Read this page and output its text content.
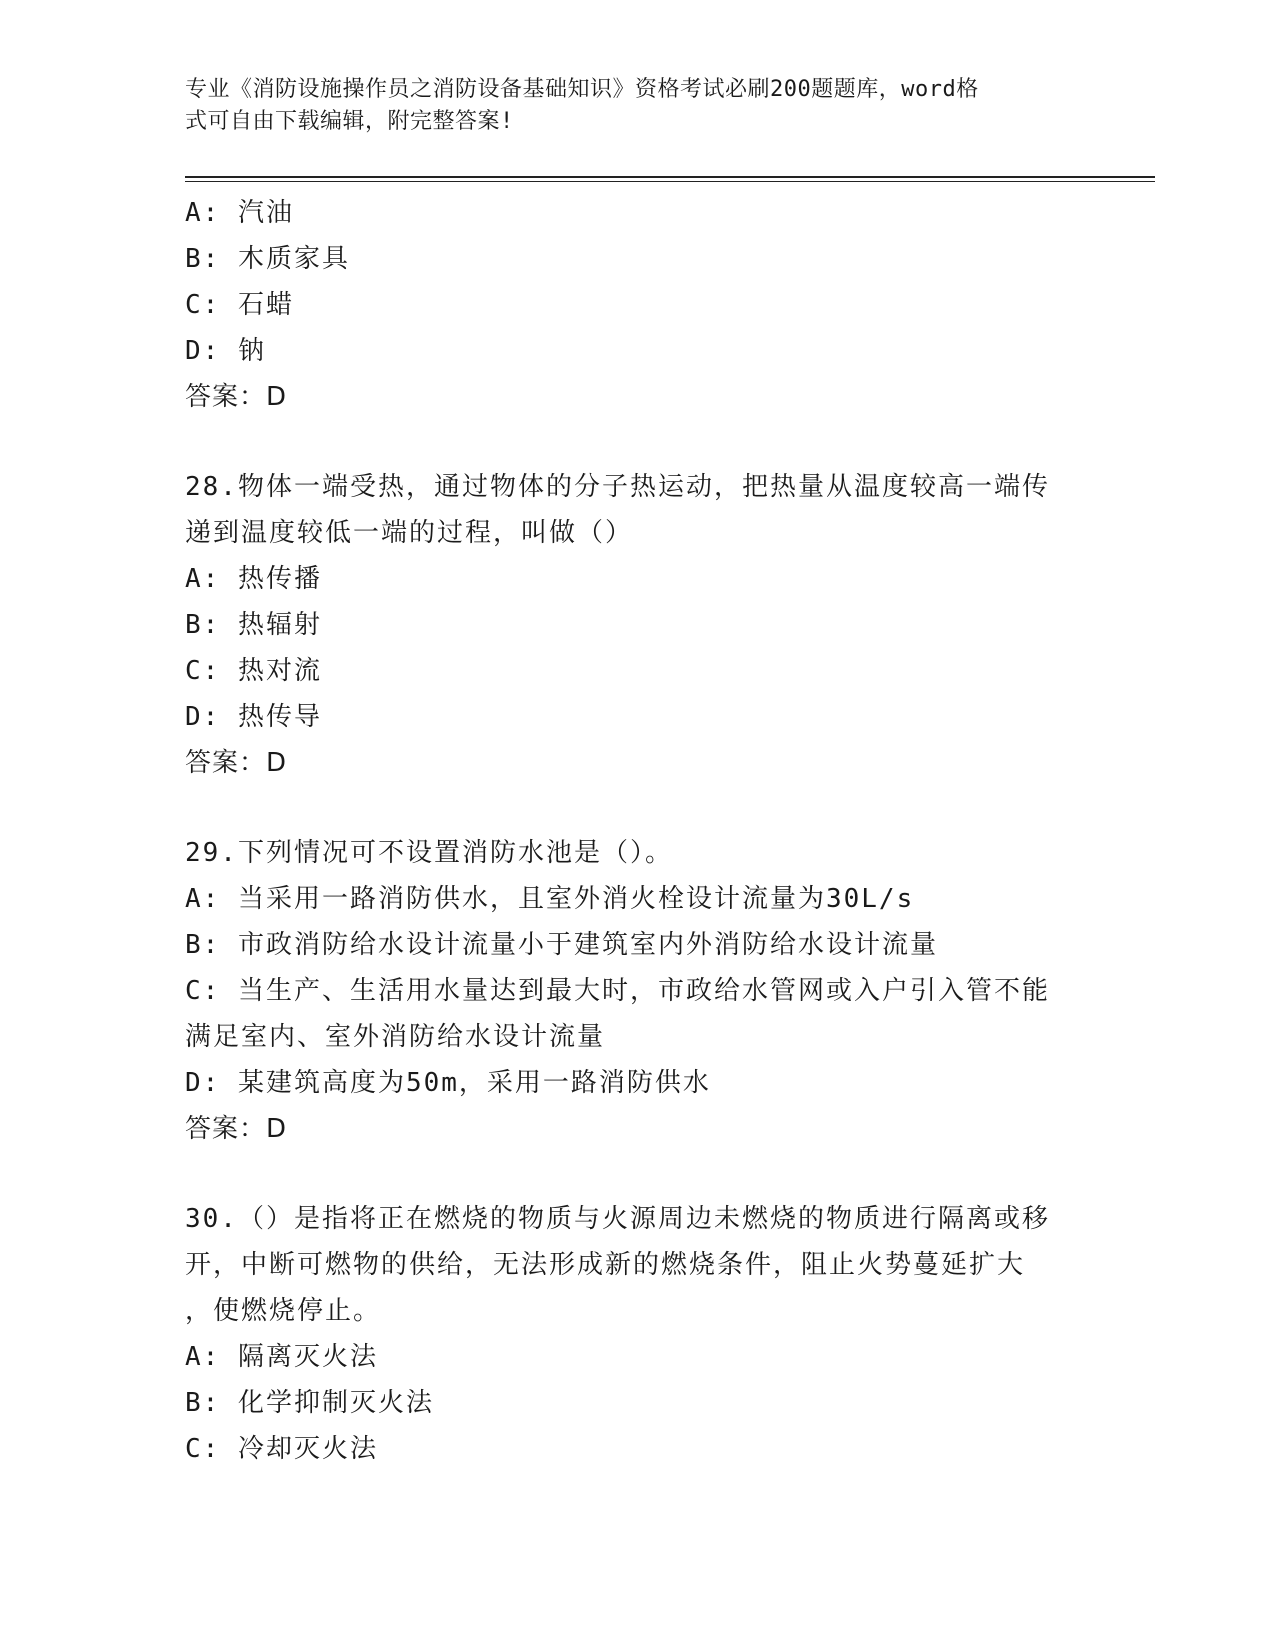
专业《消防设施操作员之消防设备基础知识》资格考试必刷200题题库，word格
式可自由下载编辑，附完整答案!
A: 汽油
B: 木质家具
C: 石蜡
D: 钠
答案：D
28.物体一端受热，通过物体的分子热运动，把热量从温度较高一端传
递到温度较低一端的过程，叫做（）
A: 热传播
B: 热辐射
C: 热对流
D: 热传导
答案：D
29.下列情况可不设置消防水池是（）。
A: 当采用一路消防供水，且室外消火栓设计流量为30L/s
B: 市政消防给水设计流量小于建筑室内外消防给水设计流量
C: 当生产、生活用水量达到最大时，市政给水管网或入户引入管不能
满足室内、室外消防给水设计流量
D: 某建筑高度为50m，采用一路消防供水
答案：D
30.（）是指将正在燃烧的物质与火源周边未燃烧的物质进行隔离或移
开，中断可燃物的供给，无法形成新的燃烧条件，阻止火势蔓延扩大
，使燃烧停止。
A: 隔离灭火法
B: 化学抑制灭火法
C: 冷却灭火法
